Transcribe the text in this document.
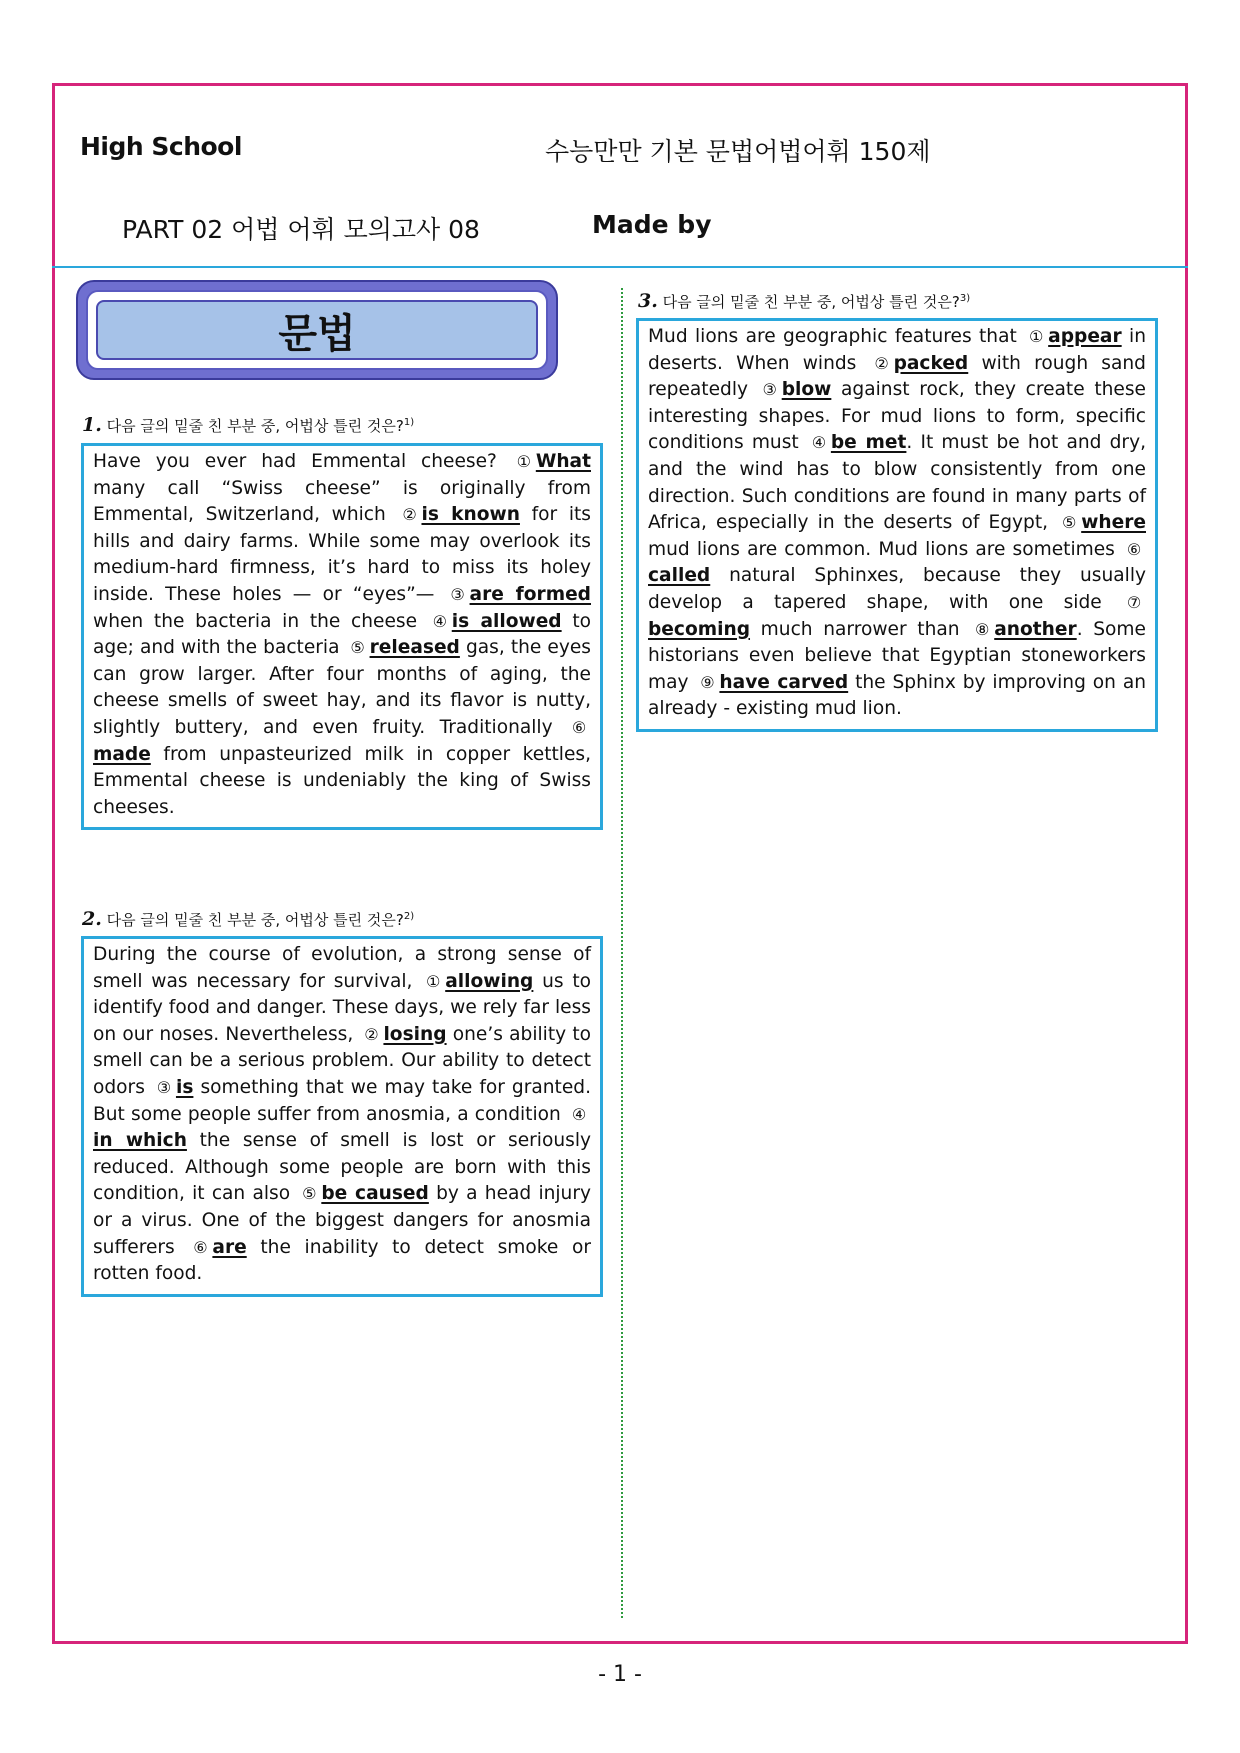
High School	수능만만 기본 문법어법어휘 150제
PART 02 어법 어휘 모의고사 08	Made by
문법
1. 다음 글의 밑줄 친 부분 중, 어법상 틀린 것은?$^{1)}$
Have you ever had Emmental cheese? ① What many call “Swiss cheese” is originally from Emmental, Switzerland, which ② is known for its hills and dairy farms. While some may overlook its medium-hard firmness, it’s hard to miss its holey inside. These holes — or “eyes”— ③ are formed when the bacteria in the cheese ④ is allowed to age; and with the bacteria ⑤ released gas, the eyes can grow larger. After four months of aging, the cheese smells of sweet hay, and its flavor is nutty, slightly buttery, and even fruity. Traditionally ⑥made from unpasteurized milk in copper kettles, Emmental cheese is undeniably the king of Swiss cheeses.
2. 다음 글의 밑줄 친 부분 중, 어법상 틀린 것은?$^{2)}$
During the course of evolution, a strong sense of smell was necessary for survival, ① allowing us to identify food and danger. These days, we rely far less on our noses. Nevertheless, ② losing one’s ability to smell can be a serious problem. Our ability to detect odors ③ is something that we may take for granted. But some people suffer from anosmia, a condition ④in which the sense of smell is lost or seriously reduced. Although some people are born with this condition, it can also ⑤ be caused by a head injury or a virus. One of the biggest dangers for anosmia sufferers ⑥ are the inability to detect smoke or rotten food.
3. 다음 글의 밑줄 친 부분 중, 어법상 틀린 것은?$^{3)}$
Mud lions are geographic features that ① appear in deserts. When winds ② packed with rough sand repeatedly ③ blow against rock, they create these interesting shapes. For mud lions to form, specific conditions must ④ be met. It must be hot and dry, and the wind has to blow consistently from one direction. Such conditions are found in many parts of Africa, especially in the deserts of Egypt, ⑤ where mud lions are common. Mud lions are sometimes ⑥called natural Sphinxes, because they usually develop a tapered shape, with one side ⑦becoming much narrower than ⑧ another. Some historians even believe that Egyptian stoneworkers may ⑨ have carved the Sphinx by improving on an already - existing mud lion.
- 1 -
